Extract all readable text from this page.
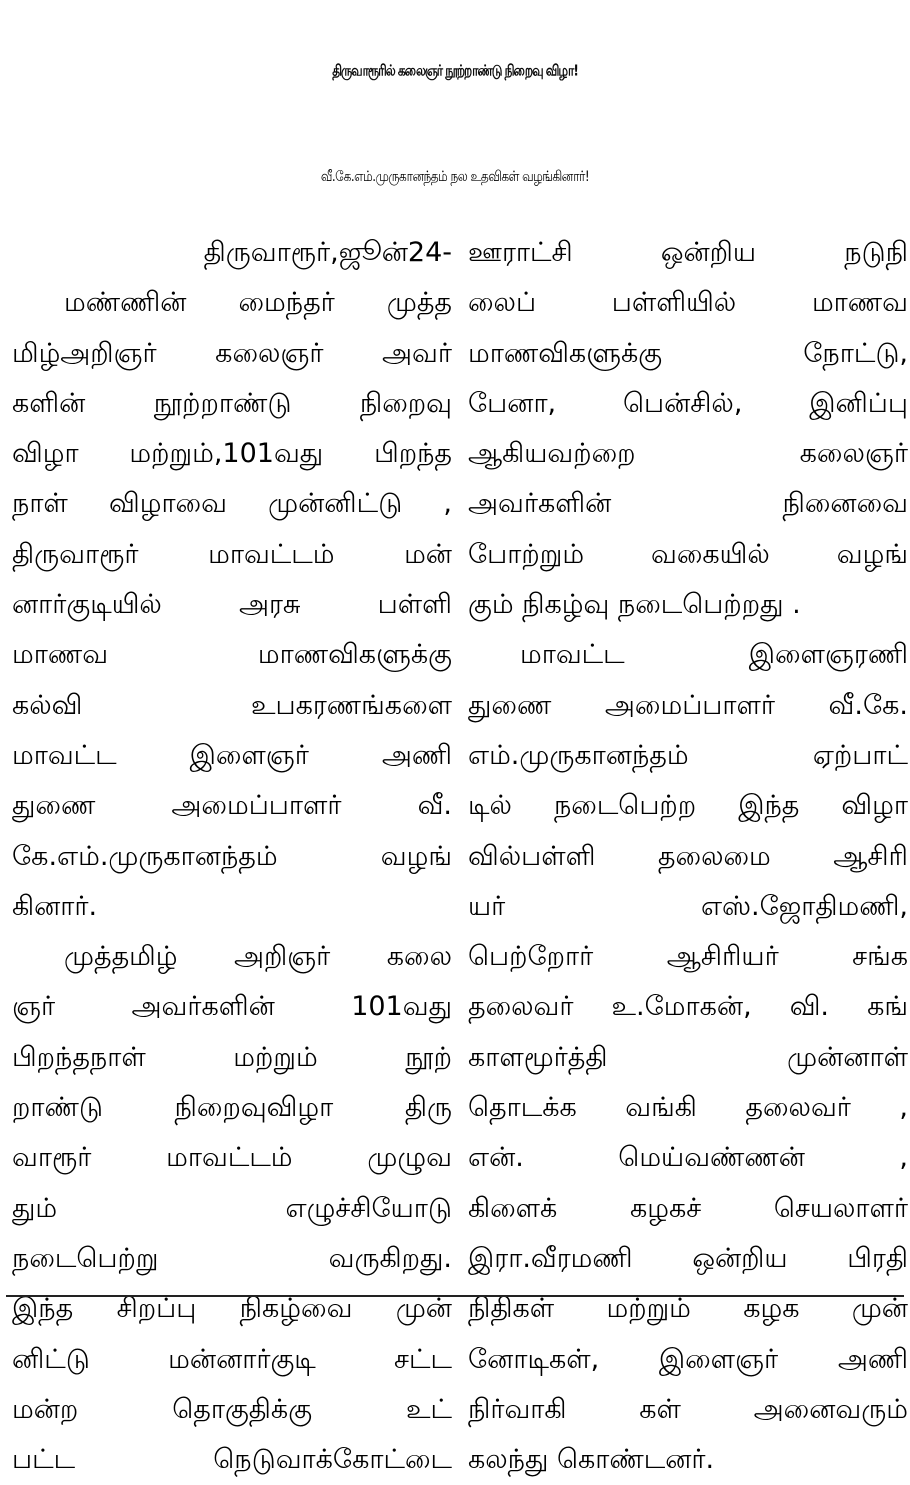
திருவாரூரில் கலைஞர் நூற்றாண்டு நிறைவு விழா!
வீ.கே.எம்.முருகானந்தம் நல உதவிகள் வழங்கினார்!
திருவாரூர்,ஜூன்24-
மண்ணின் மைந்தர் முத்த
மிழ்அறிஞர் கலைஞர் அவர்
களின் நூற்றாண்டு நிறைவு
விழா மற்றும்,101வது பிறந்த
நாள் விழாவை முன்னிட்டு ,
திருவாரூர் மாவட்டம் மன்
னார்குடியில் அரசு பள்ளி
மாணவ மாணவிகளுக்கு
கல்வி உபகரணங்களை
மாவட்ட இளைஞர் அணி
துணை அமைப்பாளர் வீ.
கே.எம்.முருகானந்தம் வழங்
கினார்.
முத்தமிழ் அறிஞர் கலை
ஞர் அவர்களின் 101வது
பிறந்தநாள் மற்றும் நூற்
றாண்டு நிறைவுவிழா திரு
வாரூர் மாவட்டம் முழுவ
தும் எழுச்சியோடு
நடைபெற்று வருகிறது.
இந்த சிறப்பு நிகழ்வை முன்
னிட்டு மன்னார்குடி சட்ட
மன்ற தொகுதிக்கு உட்
பட்ட நெடுவாக்கோட்டை
ஊராட்சி ஒன்றிய நடுநி
லைப் பள்ளியில் மாணவ
மாணவிகளுக்கு நோட்டு,
பேனா, பென்சில், இனிப்பு
ஆகியவற்றை கலைஞர்
அவர்களின் நினைவை
போற்றும் வகையில் வழங்
கும் நிகழ்வு நடைபெற்றது .
மாவட்ட இளைஞரணி
துணை அமைப்பாளர் வீ.கே.
எம்.முருகானந்தம் ஏற்பாட்
டில் நடைபெற்ற இந்த விழா
வில்பள்ளி தலைமை ஆசிரி
யர் எஸ்.ஜோதிமணி,
பெற்றோர் ஆசிரியர் சங்க
தலைவர் உ.மோகன், வி. கங்
காளமூர்த்தி முன்னாள்
தொடக்க வங்கி தலைவர் ,
என். மெய்வண்ணன் ,
கிளைக் கழகச் செயலாளர்
இரா.வீரமணி ஒன்றிய பிரதி
நிதிகள் மற்றும் கழக முன்
னோடிகள், இளைஞர் அணி
நிர்வாகி கள் அனைவரும்
கலந்து கொண்டனர்.
